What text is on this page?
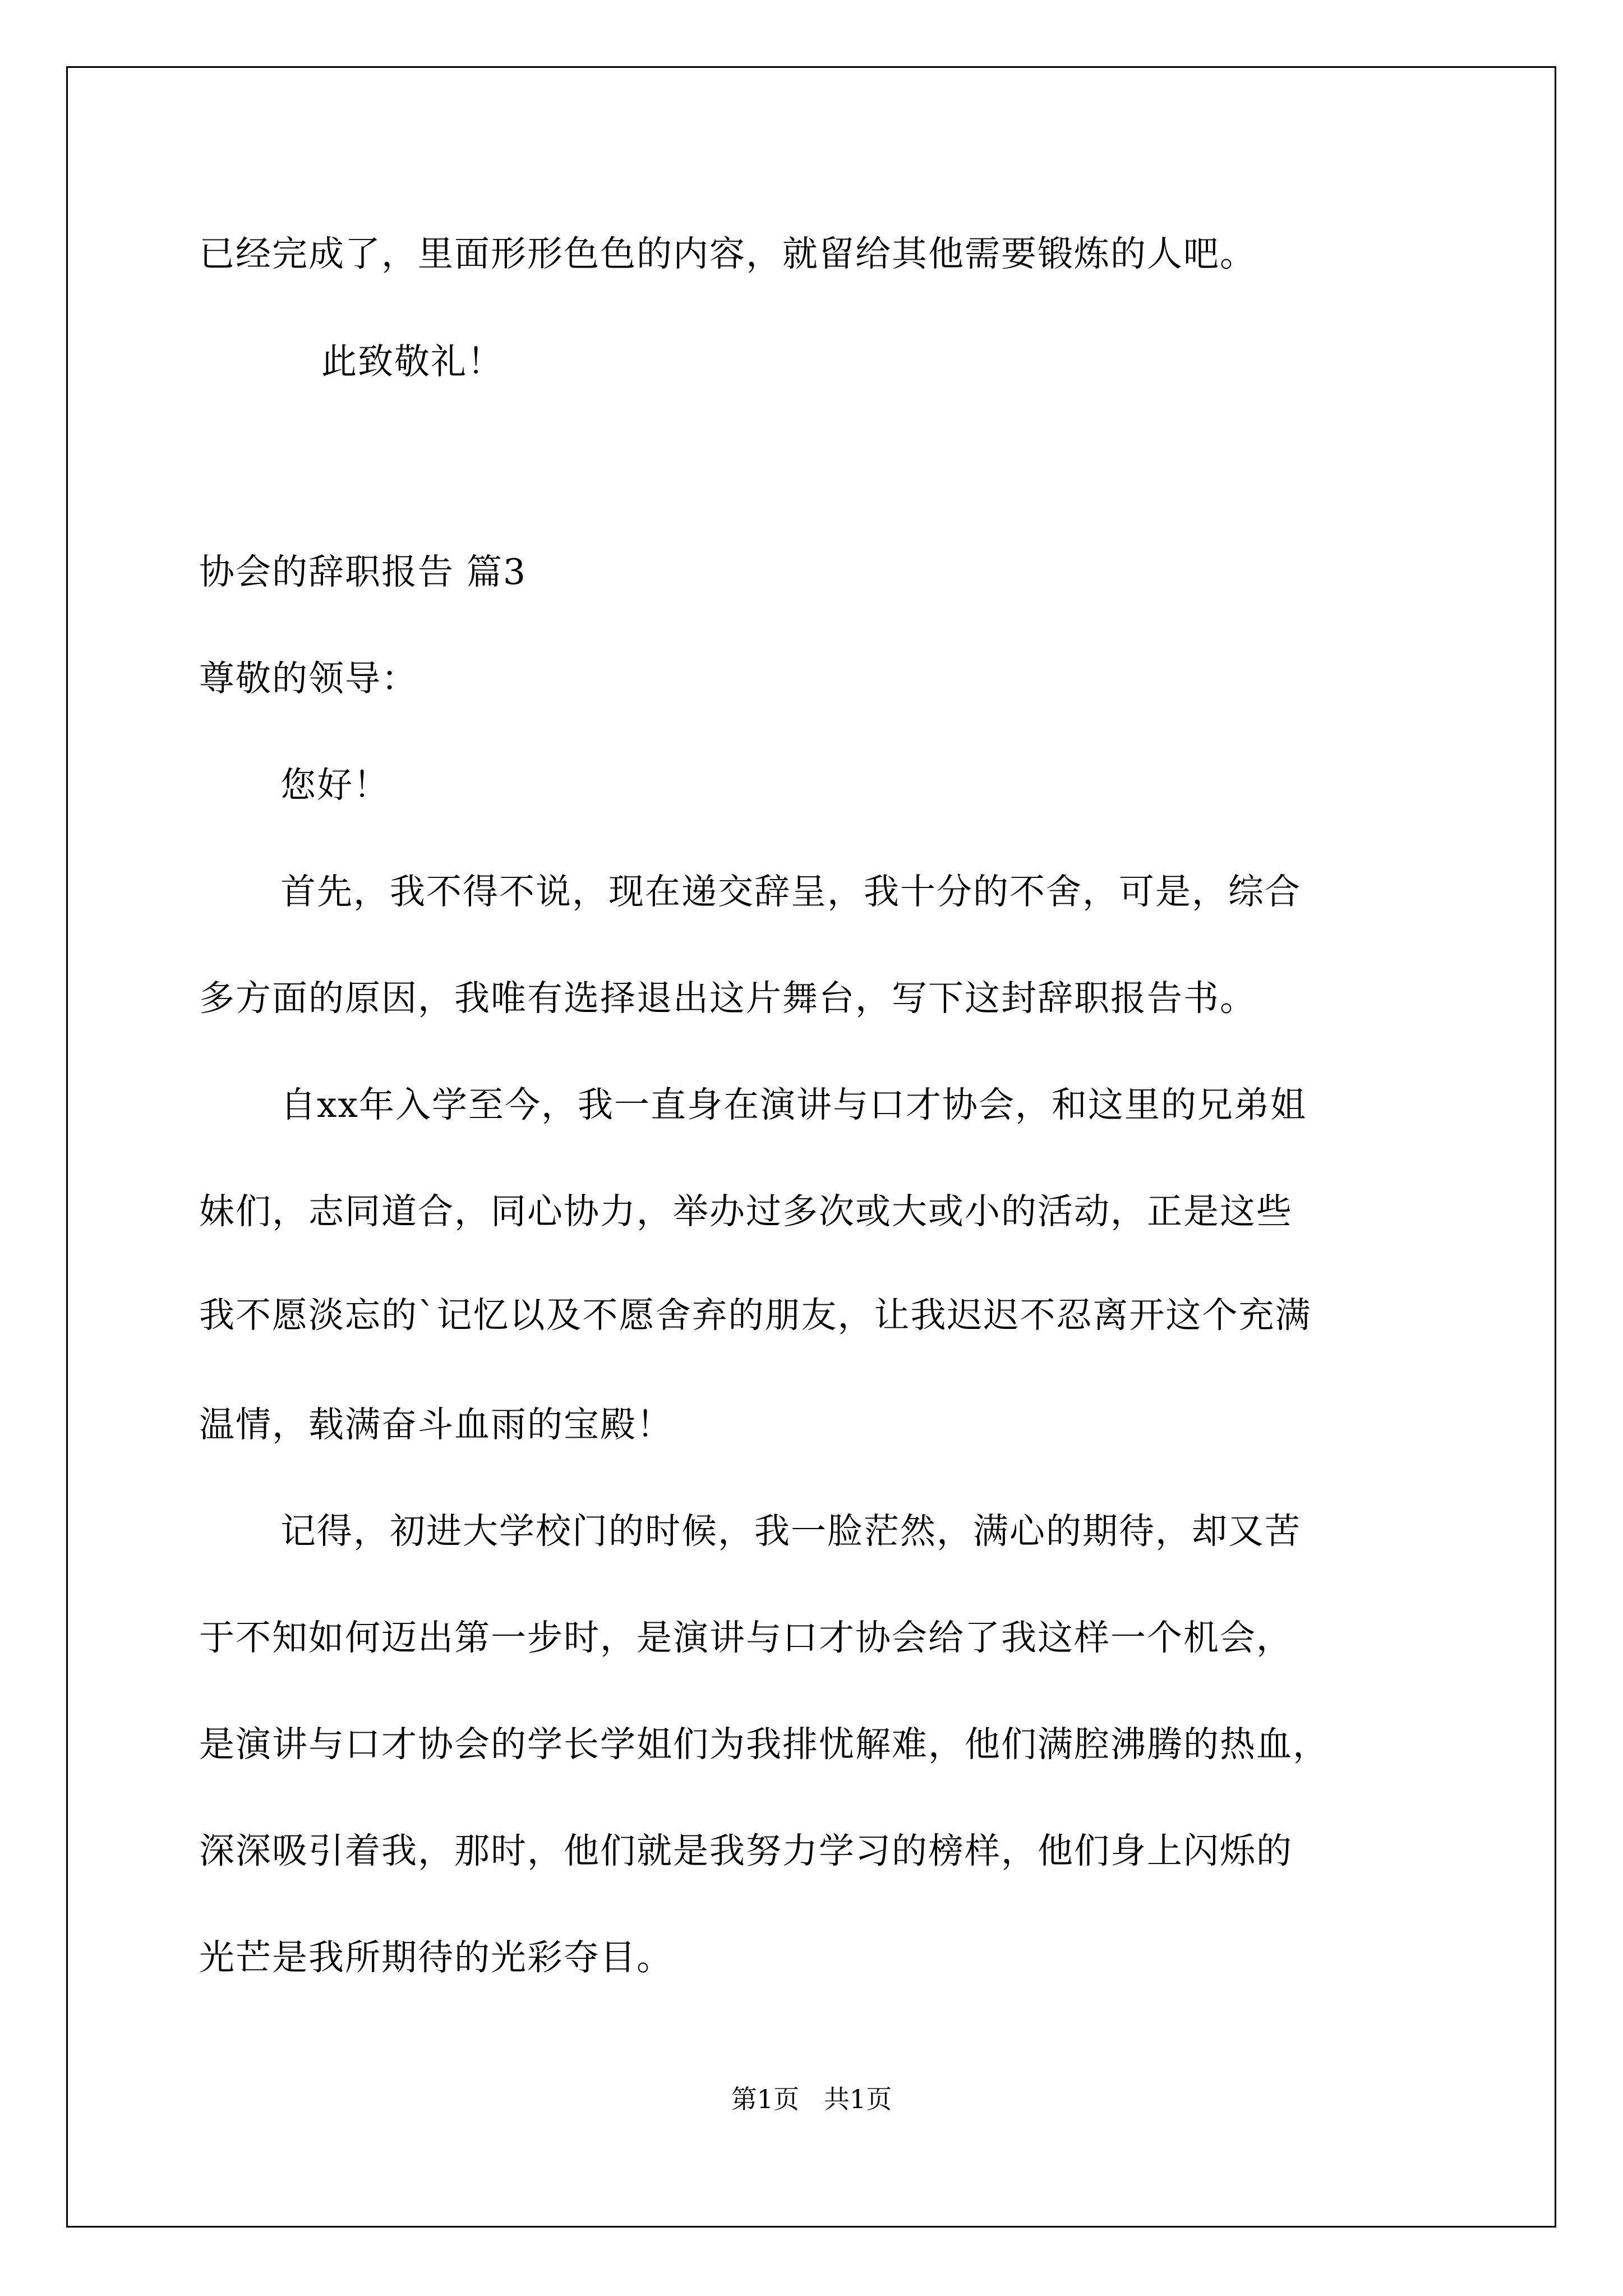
已经完成了，里面形形色色的内容，就留给其他需要锻炼的人吧。
此致敬礼！
协会的辞职报告 篇3
尊敬的领导：
您好！
首先，我不得不说，现在递交辞呈，我十分的不舍，可是，综合
多方面的原因，我唯有选择退出这片舞台，写下这封辞职报告书。
自xx年入学至今，我一直身在演讲与口才协会，和这里的兄弟姐
妹们，志同道合，同心协力，举办过多次或大或小的活动，正是这些
我不愿淡忘的`记忆以及不愿舍弃的朋友，让我迟迟不忍离开这个充满
温情，载满奋斗血雨的宝殿！
记得，初进大学校门的时候，我一脸茫然，满心的期待，却又苦
于不知如何迈出第一步时，是演讲与口才协会给了我这样一个机会，
是演讲与口才协会的学长学姐们为我排忧解难，他们满腔沸腾的热血，
深深吸引着我，那时，他们就是我努力学习的榜样，他们身上闪烁的
光芒是我所期待的光彩夺目。
第1页   共1页
